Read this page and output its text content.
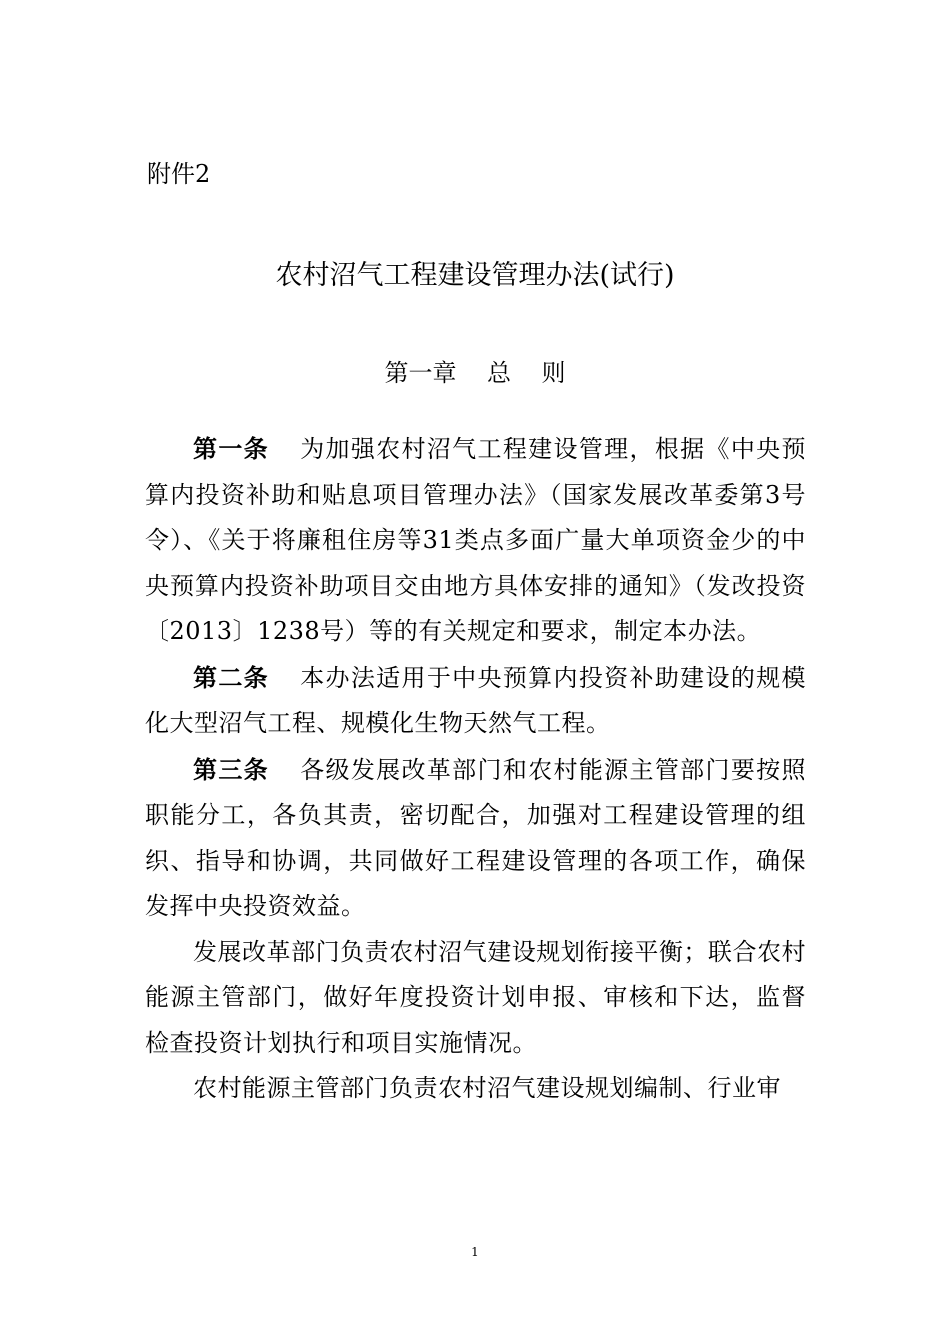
附件2
农村沼气工程建设管理办法(试行)
第一章    总    则

第一条 为加强农村沼气工程建设管理，根据《中央预算内投资补助和贴息项目管理办法》（国家发展改革委第3号令）、《关于将廉租住房等31类点多面广量大单项资金少的中央预算内投资补助项目交由地方具体安排的通知》（发改投资〔2013〕1238号）等的有关规定和要求，制定本办法。

第二条 本办法适用于中央预算内投资补助建设的规模化大型沼气工程、规模化生物天然气工程。

第三条 各级发展改革部门和农村能源主管部门要按照职能分工，各负其责，密切配合，加强对工程建设管理的组织、指导和协调，共同做好工程建设管理的各项工作，确保发挥中央投资效益。

发展改革部门负责农村沼气建设规划衔接平衡；联合农村能源主管部门，做好年度投资计划申报、审核和下达，监督检查投资计划执行和项目实施情况。

农村能源主管部门负责农村沼气建设规划编制、行业审

1
